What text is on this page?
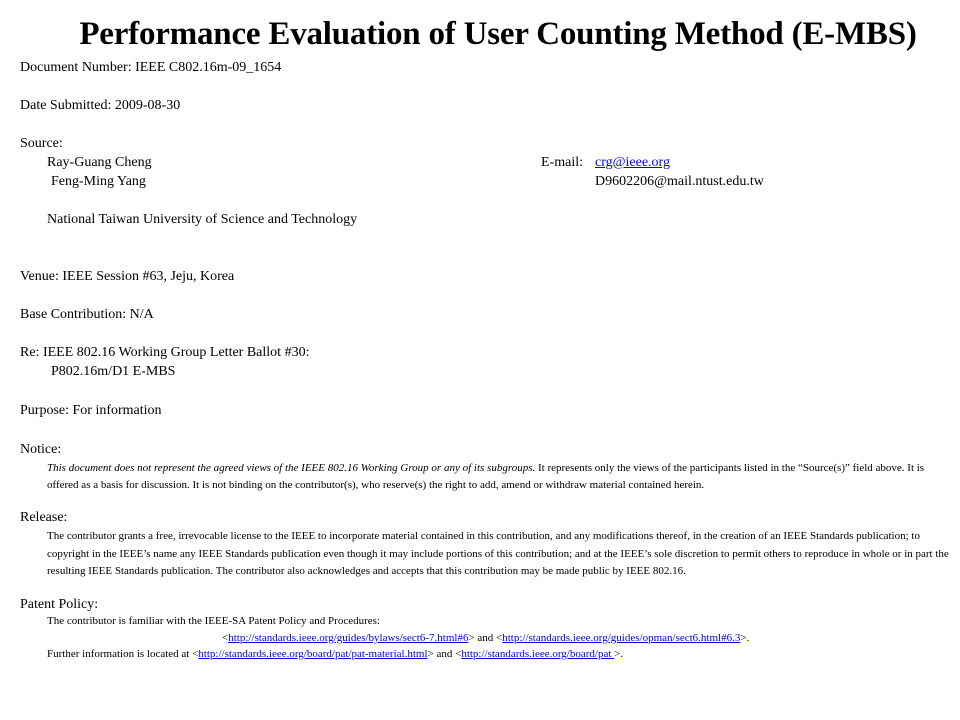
Performance Evaluation of User Counting Method (E-MBS)
Document Number: IEEE C802.16m-09_1654
Date Submitted: 2009-08-30
Source:
Ray-Guang Cheng
Feng-Ming Yang
E-mail: crg@ieee.org
D9602206@mail.ntust.edu.tw
National Taiwan University of Science and Technology
Venue: IEEE Session #63, Jeju, Korea
Base Contribution: N/A
Re: IEEE 802.16 Working Group Letter Ballot #30:
P802.16m/D1 E-MBS
Purpose: For information
Notice:
This document does not represent the agreed views of the IEEE 802.16 Working Group or any of its subgroups. It represents only the views of the participants listed in the “Source(s)” field above. It is offered as a basis for discussion. It is not binding on the contributor(s), who reserve(s) the right to add, amend or withdraw material contained herein.
Release:
The contributor grants a free, irrevocable license to the IEEE to incorporate material contained in this contribution, and any modifications thereof, in the creation of an IEEE Standards publication; to copyright in the IEEE’s name any IEEE Standards publication even though it may include portions of this contribution; and at the IEEE’s sole discretion to permit others to reproduce in whole or in part the resulting IEEE Standards publication. The contributor also acknowledges and accepts that this contribution may be made public by IEEE 802.16.
Patent Policy:
The contributor is familiar with the IEEE-SA Patent Policy and Procedures:
<http://standards.ieee.org/guides/bylaws/sect6-7.html#6> and <http://standards.ieee.org/guides/opman/sect6.html#6.3>.
Further information is located at <http://standards.ieee.org/board/pat/pat-material.html> and <http://standards.ieee.org/board/pat >.
